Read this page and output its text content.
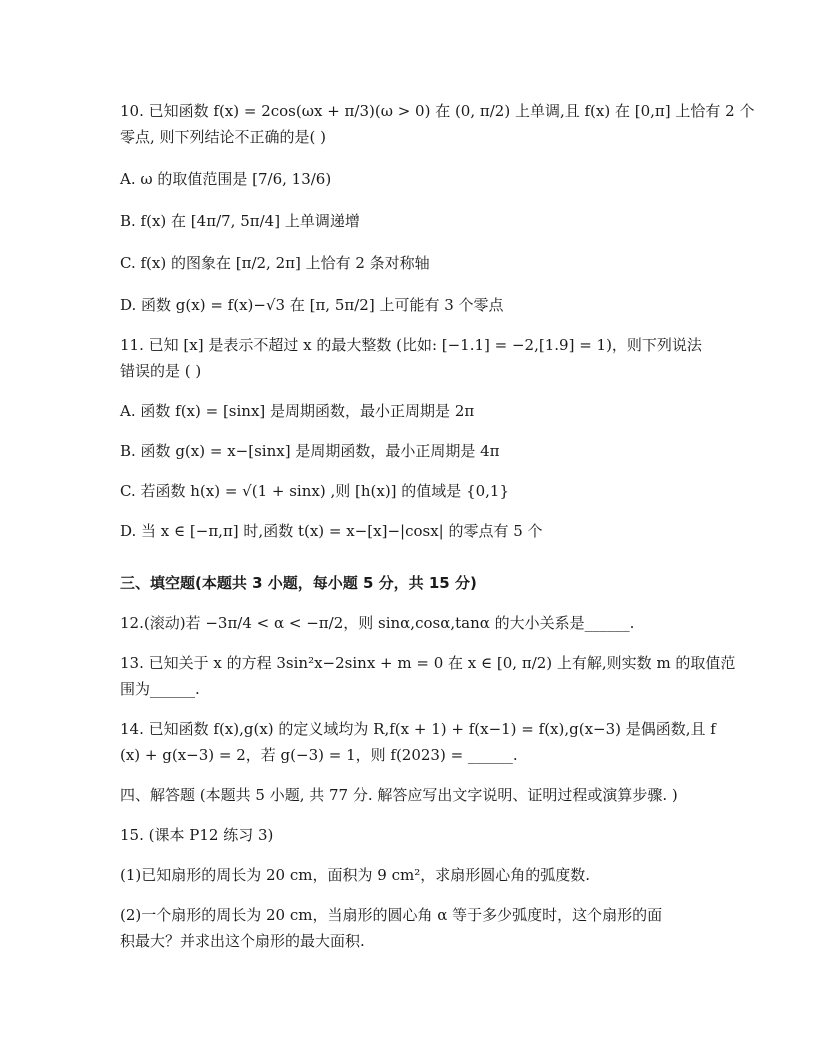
10. 已知函数 f(x) = 2cos(ωx + π/3)(ω > 0) 在 (0, π/2) 上单调,且 f(x) 在 [0,π] 上恰有 2 个
零点, 则下列结论不正确的是( )
A. ω 的取值范围是 [7/6, 13/6)
B. f(x) 在 [4π/7, 5π/4] 上单调递增
C. f(x) 的图象在 [π/2, 2π] 上恰有 2 条对称轴
D. 函数 g(x) = f(x)−√3 在 [π, 5π/2] 上可能有 3 个零点
11. 已知 [x] 是表示不超过 x 的最大整数 (比如: [−1.1] = −2,[1.9] = 1)，则下列说法
错误的是 ( )
A. 函数 f(x) = [sinx] 是周期函数，最小正周期是 2π
B. 函数 g(x) = x−[sinx] 是周期函数，最小正周期是 4π
C. 若函数 h(x) = √(1 + sinx) ,则 [h(x)] 的值域是 {0,1}
D. 当 x ∈ [−π,π] 时,函数 t(x) = x−[x]−|cosx| 的零点有 5 个
三、填空题(本题共 3 小题，每小题 5 分，共 15 分)
12.(滚动)若 −3π/4 < α < −π/2，则 sinα,cosα,tanα 的大小关系是______.
13. 已知关于 x 的方程 3sin²x−2sinx + m = 0 在 x ∈ [0, π/2) 上有解,则实数 m 的取值范
围为______.
14. 已知函数 f(x),g(x) 的定义域均为 R,f(x + 1) + f(x−1) = f(x),g(x−3) 是偶函数,且 f
(x) + g(x−3) = 2，若 g(−3) = 1，则 f(2023) = ______.
四、解答题 (本题共 5 小题, 共 77 分. 解答应写出文字说明、证明过程或演算步骤. )
15. (课本 P12 练习 3)
(1)已知扇形的周长为 20 cm，面积为 9 cm²，求扇形圆心角的弧度数.
(2)一个扇形的周长为 20 cm，当扇形的圆心角 α 等于多少弧度时，这个扇形的面
积最大？并求出这个扇形的最大面积.
